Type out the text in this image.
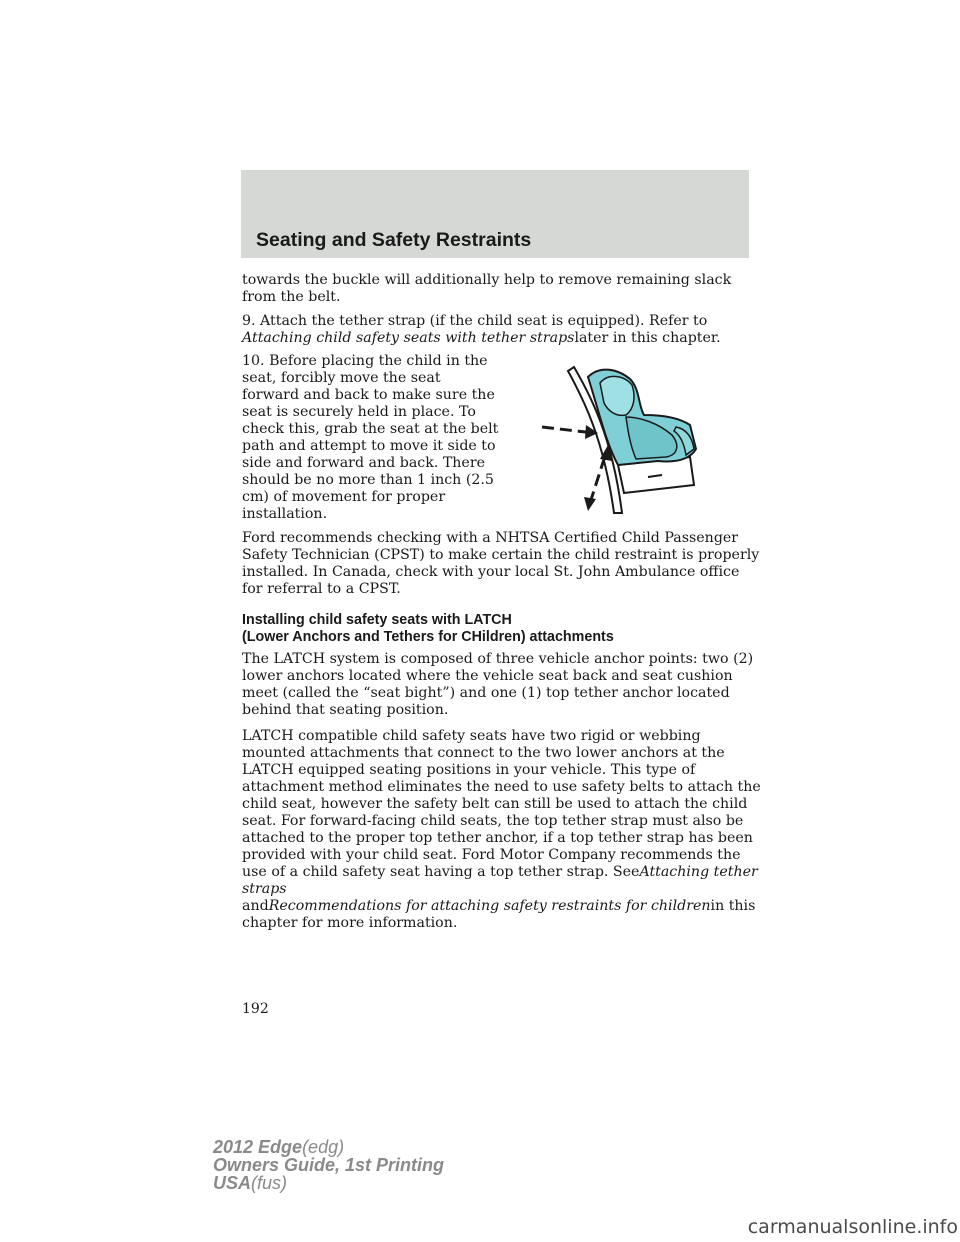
Seating and Safety Restraints

towards the buckle will additionally help to remove remaining slack from the belt.

9. Attach the tether strap (if the child seat is equipped). Refer to Attaching child safety seats with tether strapslater in this chapter.

10. Before placing the child in the seat, forcibly move the seat forward and back to make sure the seat is securely held in place. To check this, grab the seat at the belt path and attempt to move it side to side and forward and back. There should be no more than 1 inch (2.5 cm) of movement for proper installation.

Ford recommends checking with a NHTSA Certified Child Passenger Safety Technician (CPST) to make certain the child restraint is properly installed. In Canada, check with your local St. John Ambulance office for referral to a CPST.

Installing child safety seats with LATCH
(Lower Anchors and Tethers for CHildren) attachments

The LATCH system is composed of three vehicle anchor points: two (2) lower anchors located where the vehicle seat back and seat cushion meet (called the “seat bight”) and one (1) top tether anchor located behind that seating position.

LATCH compatible child safety seats have two rigid or webbing mounted attachments that connect to the two lower anchors at the LATCH equipped seating positions in your vehicle. This type of attachment method eliminates the need to use safety belts to attach the child seat, however the safety belt can still be used to attach the child seat. For forward-facing child seats, the top tether strap must also be attached to the proper top tether anchor, if a top tether strap has been provided with your child seat. Ford Motor Company recommends the use of a child safety seat having a top tether strap. SeeAttaching tether straps
andRecommendations for attaching safety restraints for childrenin this chapter for more information.

192
2012 Edge(edg)
Owners Guide, 1st Printing
USA(fus)
carmanualsonline.info
